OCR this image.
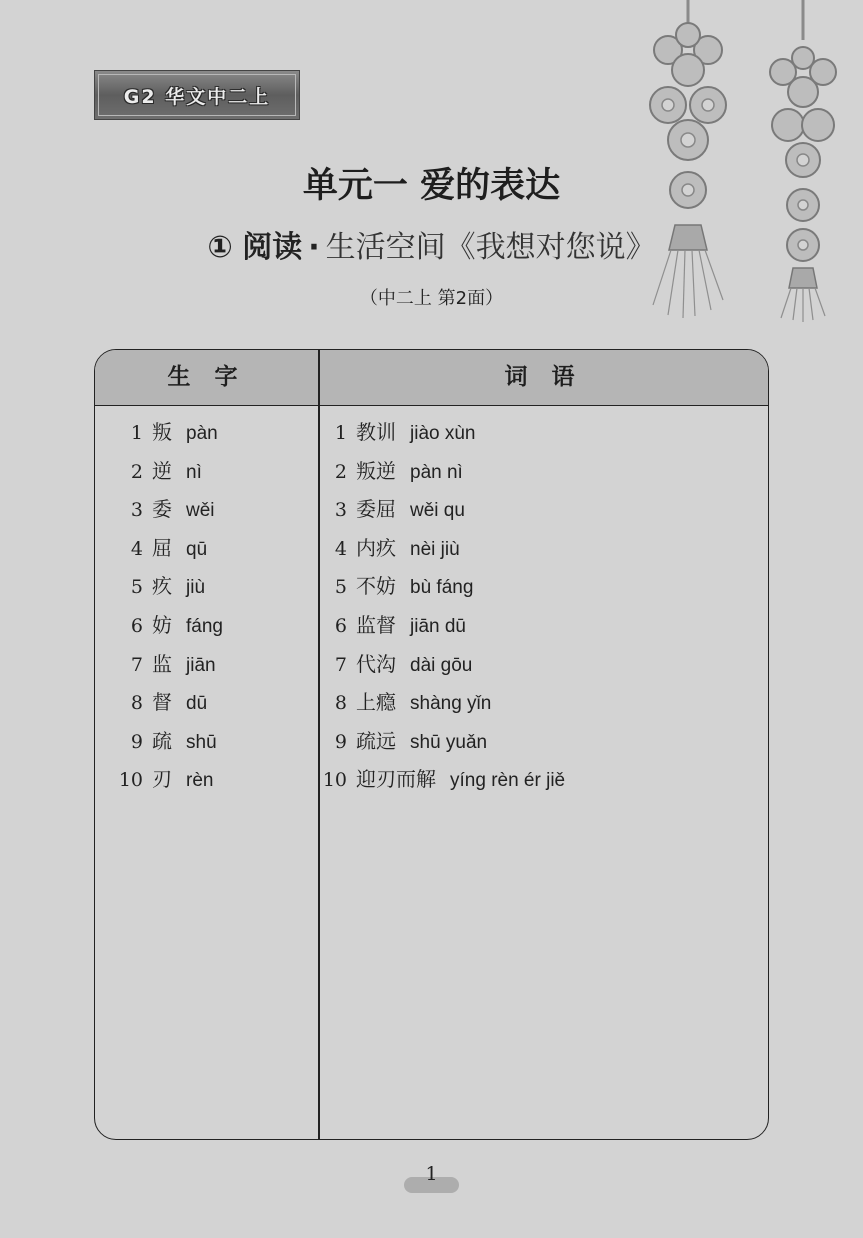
G2 华文中二上
单元一 爱的表达
① 阅读 · 生活空间《我想对您说》
（中二上 第2面）
生 字	词 语
1 叛 pàn
2 逆 nì
3 委 wěi
4 屈 qū
5 疚 jiù
6 妨 fáng
7 监 jiān
8 督 dū
9 疏 shū
10 刃 rèn
1 教训 jiào xùn
2 叛逆 pàn nì
3 委屈 wěi qu
4 内疚 nèi jiù
5 不妨 bù fáng
6 监督 jiān dū
7 代沟 dài gōu
8 上瘾 shàng yǐn
9 疏远 shū yuǎn
10 迎刃而解 yíng rèn ér jiě
1
